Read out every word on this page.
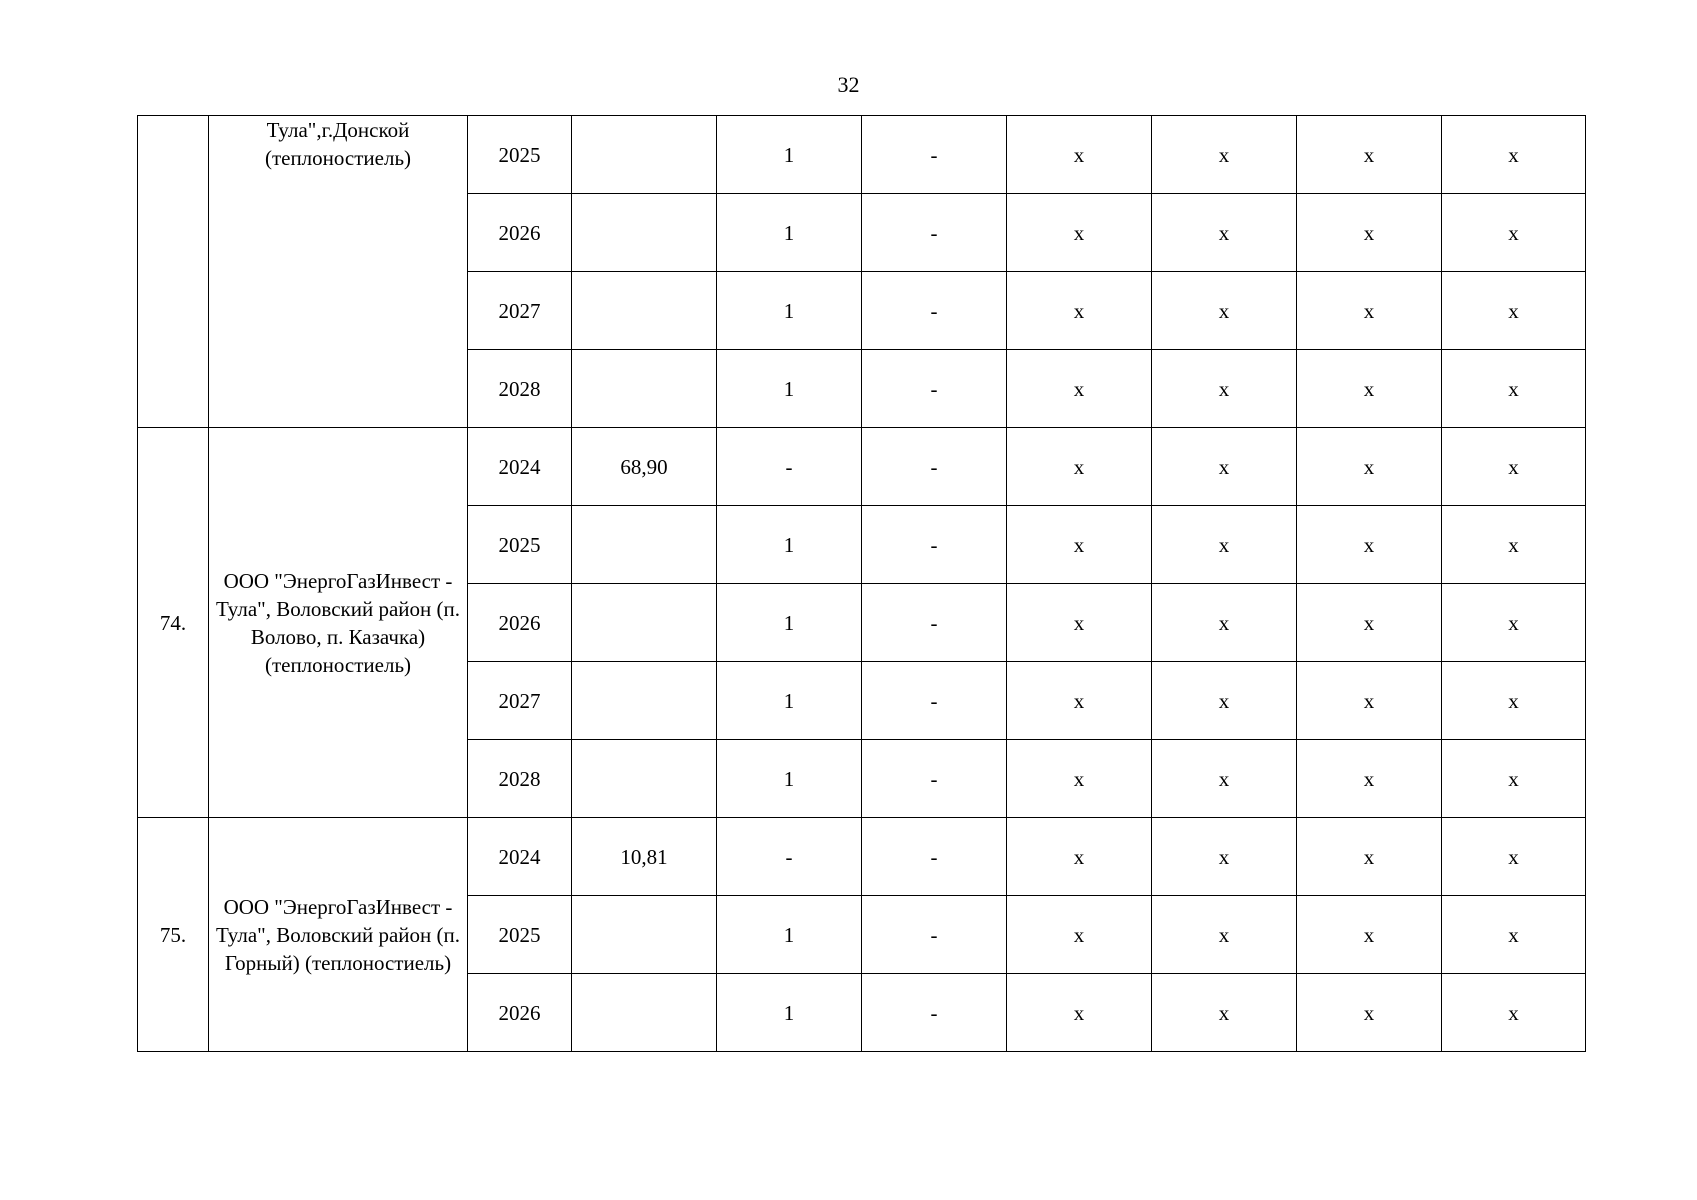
32
	Тула",г.Донской (теплоностиель)	2025		1	-	х	х	х	х
		2026		1	-	х	х	х	х
		2027		1	-	х	х	х	х
		2028		1	-	х	х	х	х
74.	ООО "ЭнергоГазИнвест - Тула", Воловский район (п. Волово, п. Казачка) (теплоностиель)	2024	68,90	-	-	х	х	х	х
		2025		1	-	х	х	х	х
		2026		1	-	х	х	х	х
		2027		1	-	х	х	х	х
		2028		1	-	х	х	х	х
75.	ООО "ЭнергоГазИнвест - Тула", Воловский район (п. Горный) (теплоностиель)	2024	10,81	-	-	х	х	х	х
		2025		1	-	х	х	х	х
		2026		1	-	х	х	х	х
